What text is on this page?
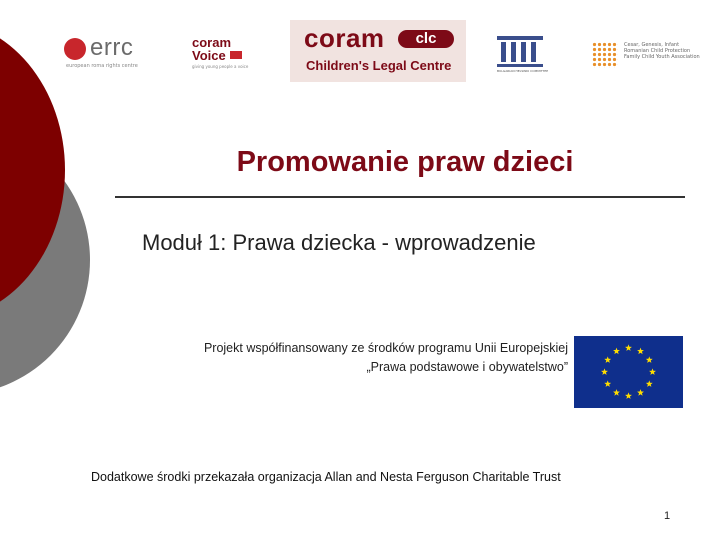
errc
european roma rights centre
coram
Voice
giving young people a voice
coram	clc
Children's Legal Centre	BULGARIAN HELSINKI COMMITTEE
Cesar, Genesis, Infant
Romanian Child Protection
Family Child Youth Association
Promowanie praw dzieci
Moduł 1: Prawa dziecka - wprowadzenie
Projekt współfinansowany ze środków programu Unii Europejskiej
„Prawa podstawowe i obywatelstwo”
Dodatkowe środki przekazała organizacja Allan and Nesta Ferguson Charitable Trust
1
